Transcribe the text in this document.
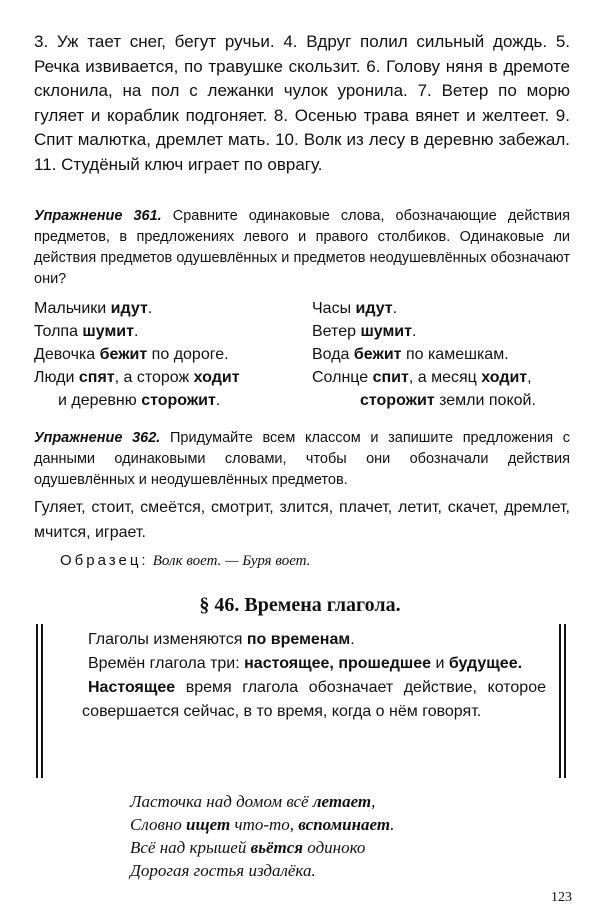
3. Уж тает снег, бегут ручьи. 4. Вдруг полил сильный дождь. 5. Речка извивается, по травушке скользит. 6. Голову няня в дремоте склонила, на пол с лежанки чулок уронила. 7. Ветер по морю гуляет и кораблик подгоняет. 8. Осенью трава вянет и желтеет. 9. Спит малютка, дремлет мать. 10. Волк из лесу в деревню забежал. 11. Студёный ключ играет по оврагу.
Упражнение 361. Сравните одинаковые слова, обозначающие действия предметов, в предложениях левого и правого столбиков. Одинаковые ли действия предметов одушевлённых и предметов неодушевлённых обозначают они?
Мальчики идут.	Часы идут.
Толпа шумит.	Ветер шумит.
Девочка бежит по дороге.	Вода бежит по камешкам.
Люди спят, а сторож ходит	Солнце спит, а месяц ходит,
и деревню сторожит.	сторожит земли покой.
Упражнение 362. Придумайте всем классом и запишите предложения с данными одинаковыми словами, чтобы они обозначали действия одушевлённых и неодушевлённых предметов.
Гуляет, стоит, смеётся, смотрит, злится, плачет, летит, скачет, дремлет, мчится, играет.
Образец: Волк воет. — Буря воет.
§ 46. Времена глагола.

Глаголы изменяются по временам.

Времён глагола три: настоящее, прошедшее и будущее.

Настоящее время глагола обозначает действие, которое совершается сейчас, в то время, когда о нём говорят.

Ласточка над домом всё летает,
Словно ищет что-то, вспоминает.
Всё над крышей вьётся одиноко
Дорогая гостья издалёка.
123
